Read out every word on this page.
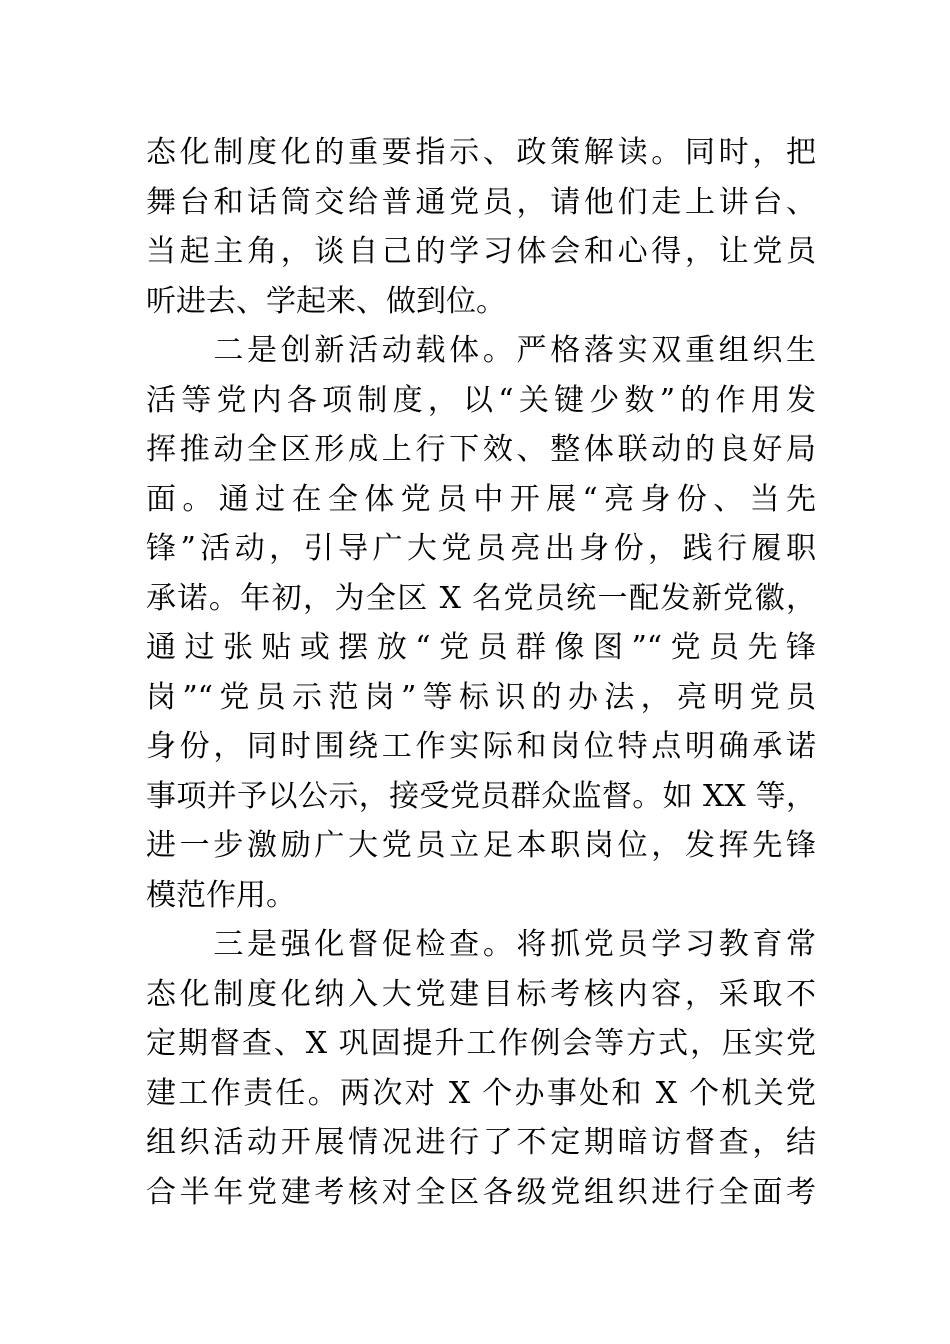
态化制度化的重要指示、政策解读。同时，把
舞台和话筒交给普通党员，请他们走上讲台、
当起主角，谈自己的学习体会和心得，让党员
听进去、学起来、做到位。
　　二是创新活动载体。严格落实双重组织生
活等党内各项制度，以“关键少数”的作用发
挥推动全区形成上行下效、整体联动的良好局
面。通过在全体党员中开展“亮身份、当先
锋”活动，引导广大党员亮出身份，践行履职
承诺。年初，为全区 X 名党员统一配发新党徽，
通过张贴或摆放“党员群像图”“党员先锋
岗”“党员示范岗”等标识的办法，亮明党员
身份，同时围绕工作实际和岗位特点明确承诺
事项并予以公示，接受党员群众监督。如 XX 等，
进一步激励广大党员立足本职岗位，发挥先锋
模范作用。
　　三是强化督促检查。将抓党员学习教育常
态化制度化纳入大党建目标考核内容，采取不
定期督查、X 巩固提升工作例会等方式，压实党
建工作责任。两次对 X 个办事处和 X 个机关党
组织活动开展情况进行了不定期暗访督查，结
合半年党建考核对全区各级党组织进行全面考
